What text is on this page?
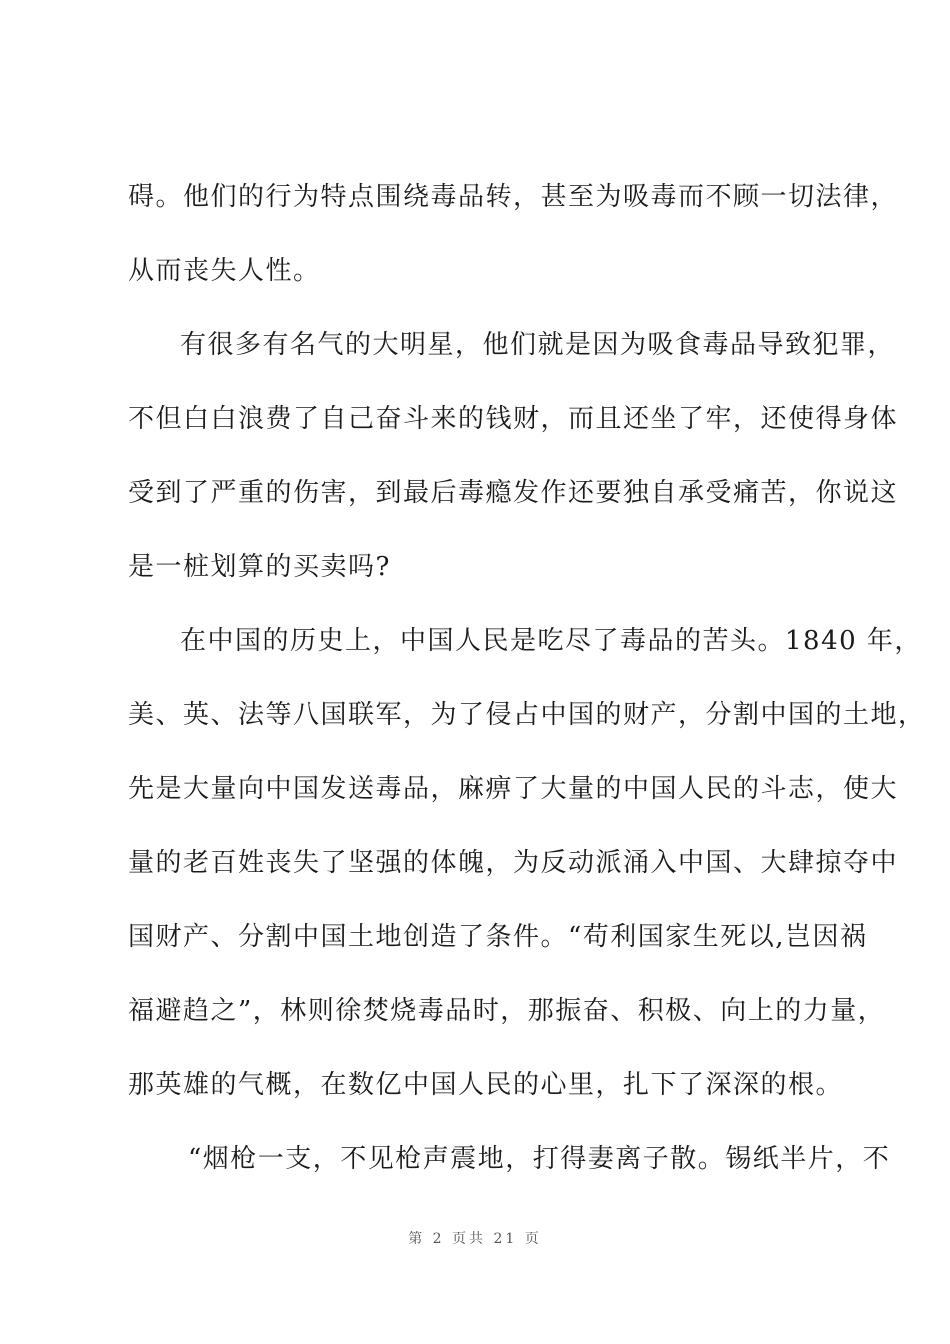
碍。他们的行为特点围绕毒品转，甚至为吸毒而不顾一切法律，
从而丧失人性。
有很多有名气的大明星，他们就是因为吸食毒品导致犯罪，
不但白白浪费了自己奋斗来的钱财，而且还坐了牢，还使得身体
受到了严重的伤害，到最后毒瘾发作还要独自承受痛苦，你说这
是一桩划算的买卖吗?
在中国的历史上，中国人民是吃尽了毒品的苦头。1840 年，
美、英、法等八国联军，为了侵占中国的财产，分割中国的土地，
先是大量向中国发送毒品，麻痹了大量的中国人民的斗志，使大
量的老百姓丧失了坚强的体魄，为反动派涌入中国、大肆掠夺中
国财产、分割中国土地创造了条件。“苟利国家生死以,岂因祸
福避趋之”，林则徐焚烧毒品时，那振奋、积极、向上的力量，
那英雄的气概，在数亿中国人民的心里，扎下了深深的根。
“烟枪一支，不见枪声震地，打得妻离子散。锡纸半片，不
第 2 页共 21 页
